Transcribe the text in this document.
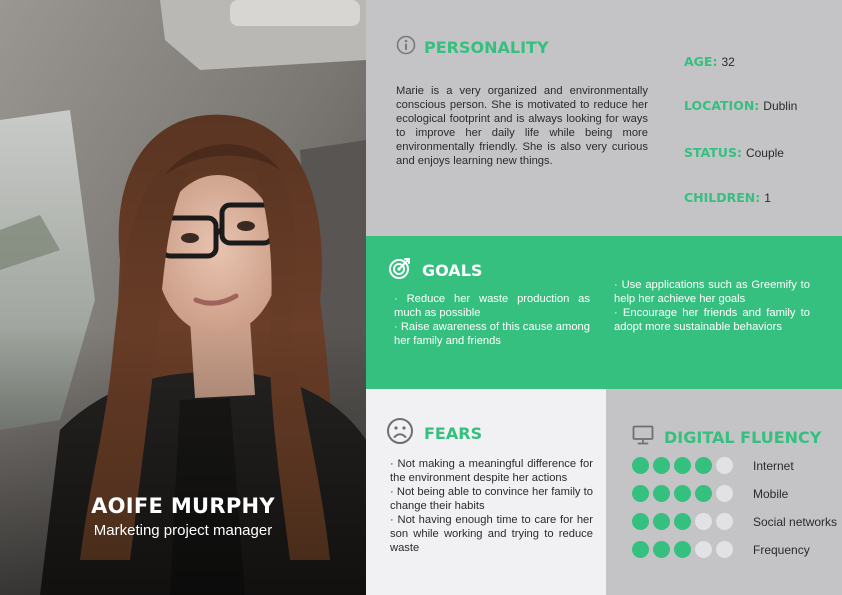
AOIFE MURPHY
Marketing project manager
PERSONALITY

Marie is a very organized and environmentally conscious person. She is motivated to reduce her ecological footprint and is always looking for ways to improve her daily life while being more environmentally friendly. She is also very curious and enjoys learning new things.

AGE: 32
LOCATION: Dublin
STATUS: Couple
CHILDREN: 1
GOALS
· Reduce her waste production as much as possible
· Raise awareness of this cause among her family and friends
· Use applications such as Greemify to help her achieve her goals
· Encourage her friends and family to adopt more sustainable behaviors
FEARS
· Not making a meaningful difference for the environment despite her actions
· Not being able to convince her family to change their habits
· Not having enough time to care for her son while working and trying to reduce waste
DIGITAL FLUENCY
Internet
Mobile
Social networks
Frequency
